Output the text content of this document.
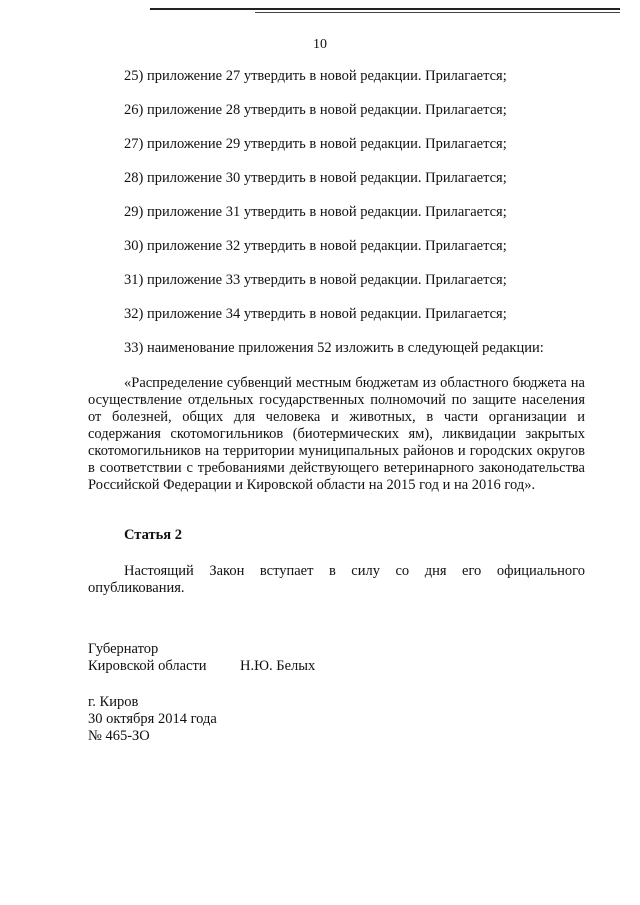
10
25) приложение 27 утвердить в новой редакции. Прилагается;
26) приложение 28 утвердить в новой редакции. Прилагается;
27) приложение 29 утвердить в новой редакции. Прилагается;
28) приложение 30 утвердить в новой редакции. Прилагается;
29) приложение 31 утвердить в новой редакции. Прилагается;
30) приложение 32 утвердить в новой редакции. Прилагается;
31) приложение 33 утвердить в новой редакции. Прилагается;
32) приложение 34 утвердить в новой редакции. Прилагается;
33) наименование приложения 52 изложить в следующей редакции:

«Распределение субвенций местным бюджетам из областного бюджета на осуществление отдельных государственных полномочий по защите населения от болезней, общих для человека и животных, в части организации и содержания скотомогильников (биотермических ям), ликвидации закрытых скотомогильников на территории муниципальных районов и городских округов в соответствии с требованиями действующего ветеринарного законодательства Российской Федерации и Кировской области на 2015 год и на 2016 год».

Статья 2

Настоящий Закон вступает в силу со дня его официального опубликования.

Губернатор
Кировской области Н.Ю. Белых
г. Киров
30 октября 2014 года
№ 465-ЗО
